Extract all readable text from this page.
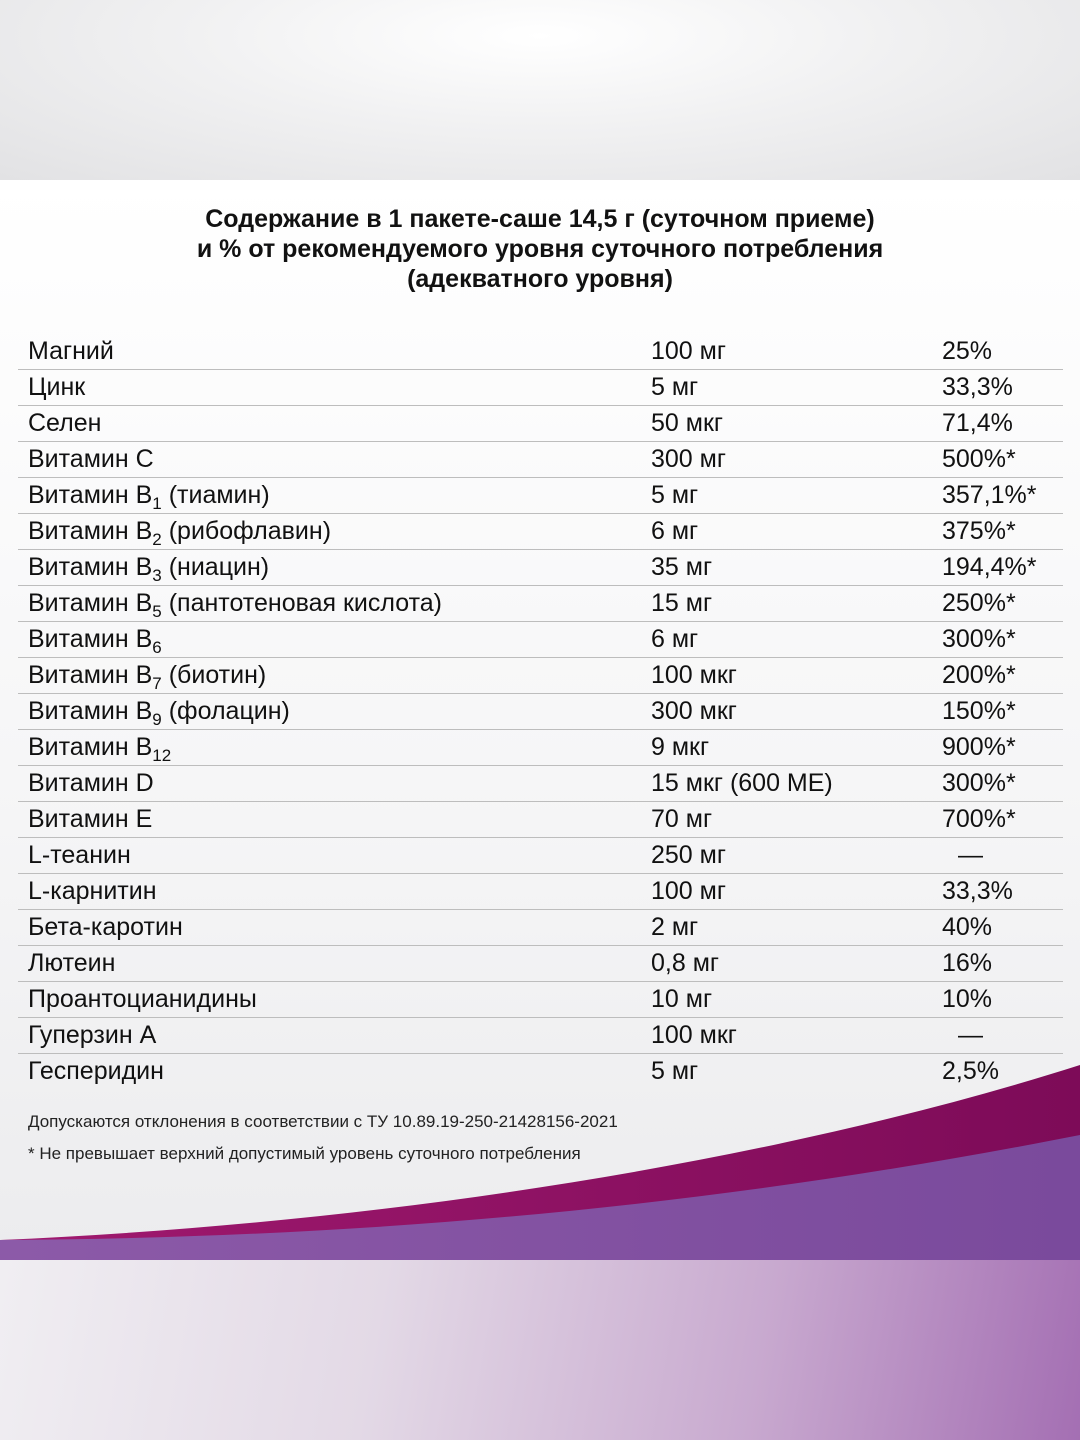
Содержание в 1 пакете-саше 14,5 г (суточном приеме)
и % от рекомендуемого уровня суточного потребления
(адекватного уровня)
Магний	100 мг	25%
Цинк	5 мг	33,3%
Селен	50 мкг	71,4%
Витамин С	300 мг	500%*
Витамин $В_1$ (тиамин)	5 мг	357,1%*
Витамин $В_2$ (рибофлавин)	6 мг	375%*
Витамин $В_3$ (ниацин)	35 мг	194,4%*
Витамин $В_5$ (пантотеновая кислота)	15 мг	250%*
Витамин $В_6$	6 мг	300%*
Витамин $В_7$ (биотин)	100 мкг	200%*
Витамин $В_9$ (фолацин)	300 мкг	150%*
Витамин $В_{12}$	9 мкг	900%*
Витамин D	15 мкг (600 МЕ)	300%*
Витамин Е	70 мг	700%*
L-теанин	250 мг	—
L-карнитин	100 мг	33,3%
Бета-каротин	2 мг	40%
Лютеин	0,8 мг	16%
Проантоцианидины	10 мг	10%
Гуперзин А	100 мкг	—
Гесперидин	5 мг	2,5%
Допускаются отклонения в соответствии с ТУ 10.89.19-250-21428156-2021
* Не превышает верхний допустимый уровень суточного потребления
